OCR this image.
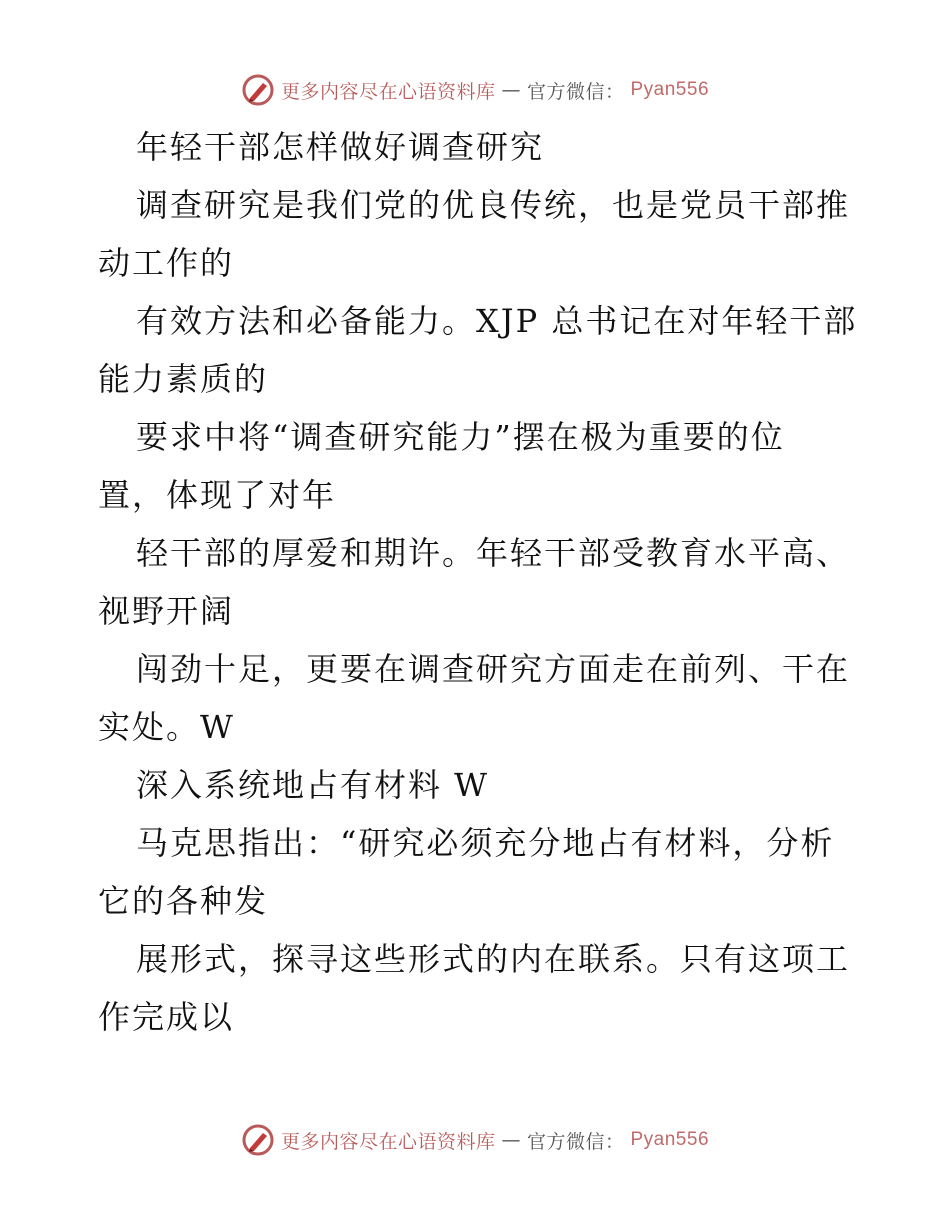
更多内容尽在心语资料库 — 官方微信： Pyan556
年轻干部怎样做好调查研究
调查研究是我们党的优良传统，也是党员干部推
动工作的
有效方法和必备能力。XJP 总书记在对年轻干部
能力素质的
要求中将“调查研究能力”摆在极为重要的位
置，体现了对年
轻干部的厚爱和期许。年轻干部受教育水平高、
视野开阔
闯劲十足，更要在调查研究方面走在前列、干在
实处。W
深入系统地占有材料 W
马克思指出：“研究必须充分地占有材料，分析
它的各种发
展形式，探寻这些形式的内在联系。只有这项工
作完成以
更多内容尽在心语资料库 — 官方微信： Pyan556
